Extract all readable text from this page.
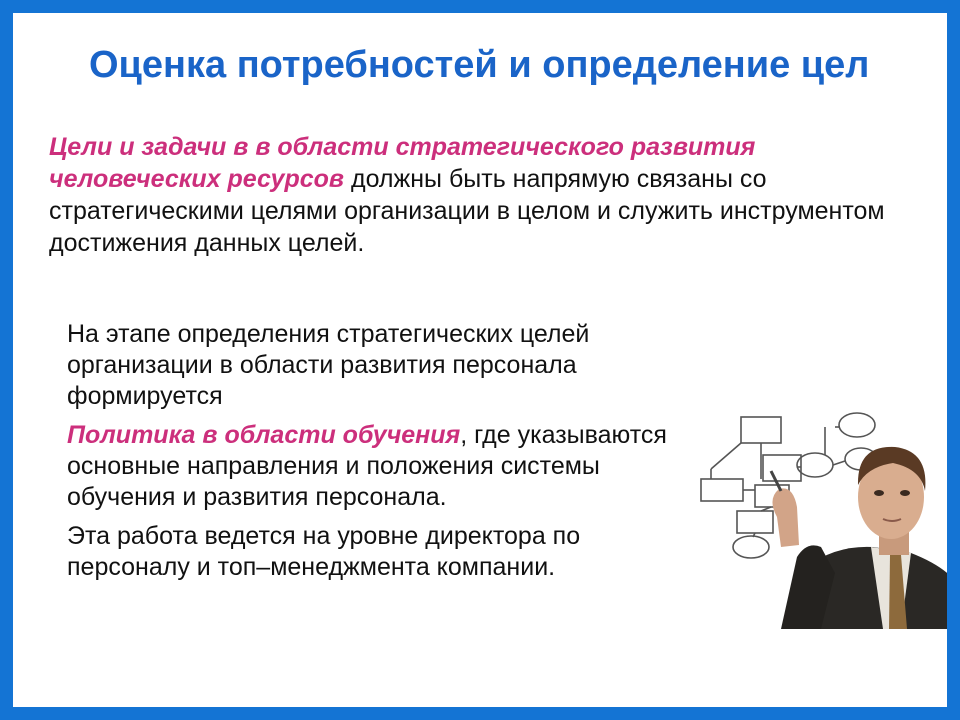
Оценка потребностей и определение цел
Цели и задачи в в области стратегического развития человеческих ресурсов должны быть напрямую связаны со стратегическими целями организации в целом и служить инструментом достижения данных целей.

На этапе определения стратегических целей организации в области развития персонала формируется

Политика в области обучения, где указываются основные направления и положения системы обучения и развития персонала.

Эта работа ведется на уровне директора по персоналу и топ–менеджмента компании.
